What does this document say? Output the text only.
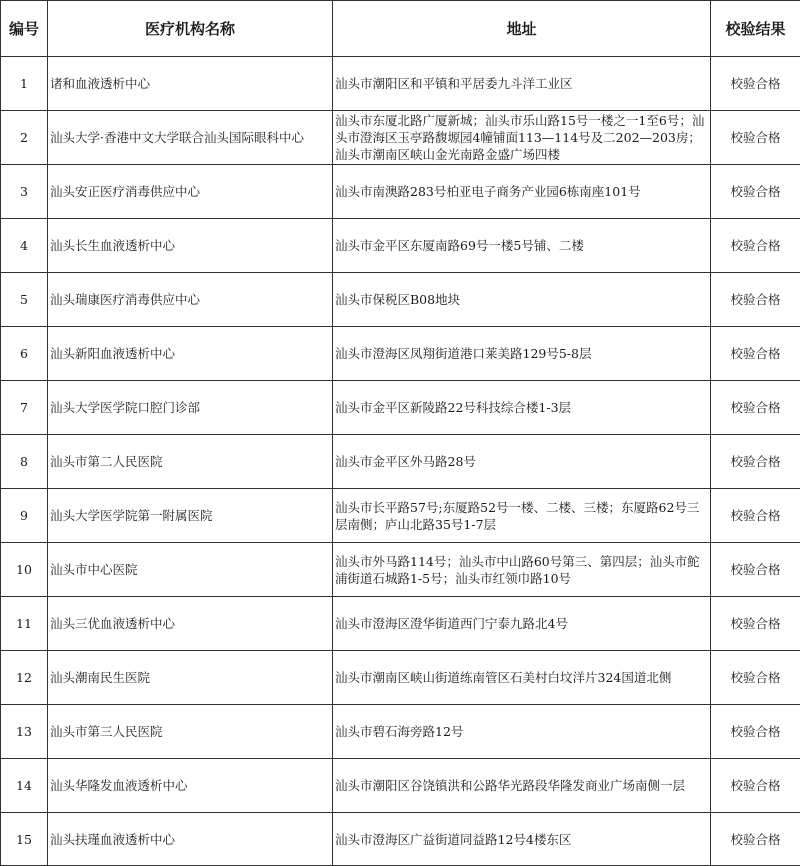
编号	医疗机构名称	地址	校验结果
1	诸和血液透析中心	汕头市潮阳区和平镇和平居委九斗洋工业区	校验合格
2	汕头大学·香港中文大学联合汕头国际眼科中心	汕头市东厦北路广厦新城；汕头市乐山路15号一楼之一1至6号；汕头市澄海区玉亭路馥塬园4幢铺面113—114号及二202—203房；汕头市潮南区峡山金光南路金盛广场四楼	校验合格
3	汕头安正医疗消毒供应中心	汕头市南澳路283号柏亚电子商务产业园6栋南座101号	校验合格
4	汕头长生血液透析中心	汕头市金平区东厦南路69号一楼5号铺、二楼	校验合格
5	汕头瑞康医疗消毒供应中心	汕头市保税区B08地块	校验合格
6	汕头新阳血液透析中心	汕头市澄海区凤翔街道港口莱美路129号5-8层	校验合格
7	汕头大学医学院口腔门诊部	汕头市金平区新陵路22号科技综合楼1-3层	校验合格
8	汕头市第二人民医院	汕头市金平区外马路28号	校验合格
9	汕头大学医学院第一附属医院	汕头市长平路57号;东厦路52号一楼、二楼、三楼；东厦路62号三层南侧；庐山北路35号1-7层	校验合格
10	汕头市中心医院	汕头市外马路114号；汕头市中山路60号第三、第四层；汕头市鮀浦街道石城路1-5号；汕头市红领巾路10号	校验合格
11	汕头三优血液透析中心	汕头市澄海区澄华街道西门宁泰九路北4号	校验合格
12	汕头潮南民生医院	汕头市潮南区峡山街道练南管区石美村白坟洋片324国道北侧	校验合格
13	汕头市第三人民医院	汕头市碧石海旁路12号	校验合格
14	汕头华隆发血液透析中心	汕头市潮阳区谷饶镇洪和公路华光路段华隆发商业广场南侧一层	校验合格
15	汕头扶瑾血液透析中心	汕头市澄海区广益街道同益路12号4楼东区	校验合格
